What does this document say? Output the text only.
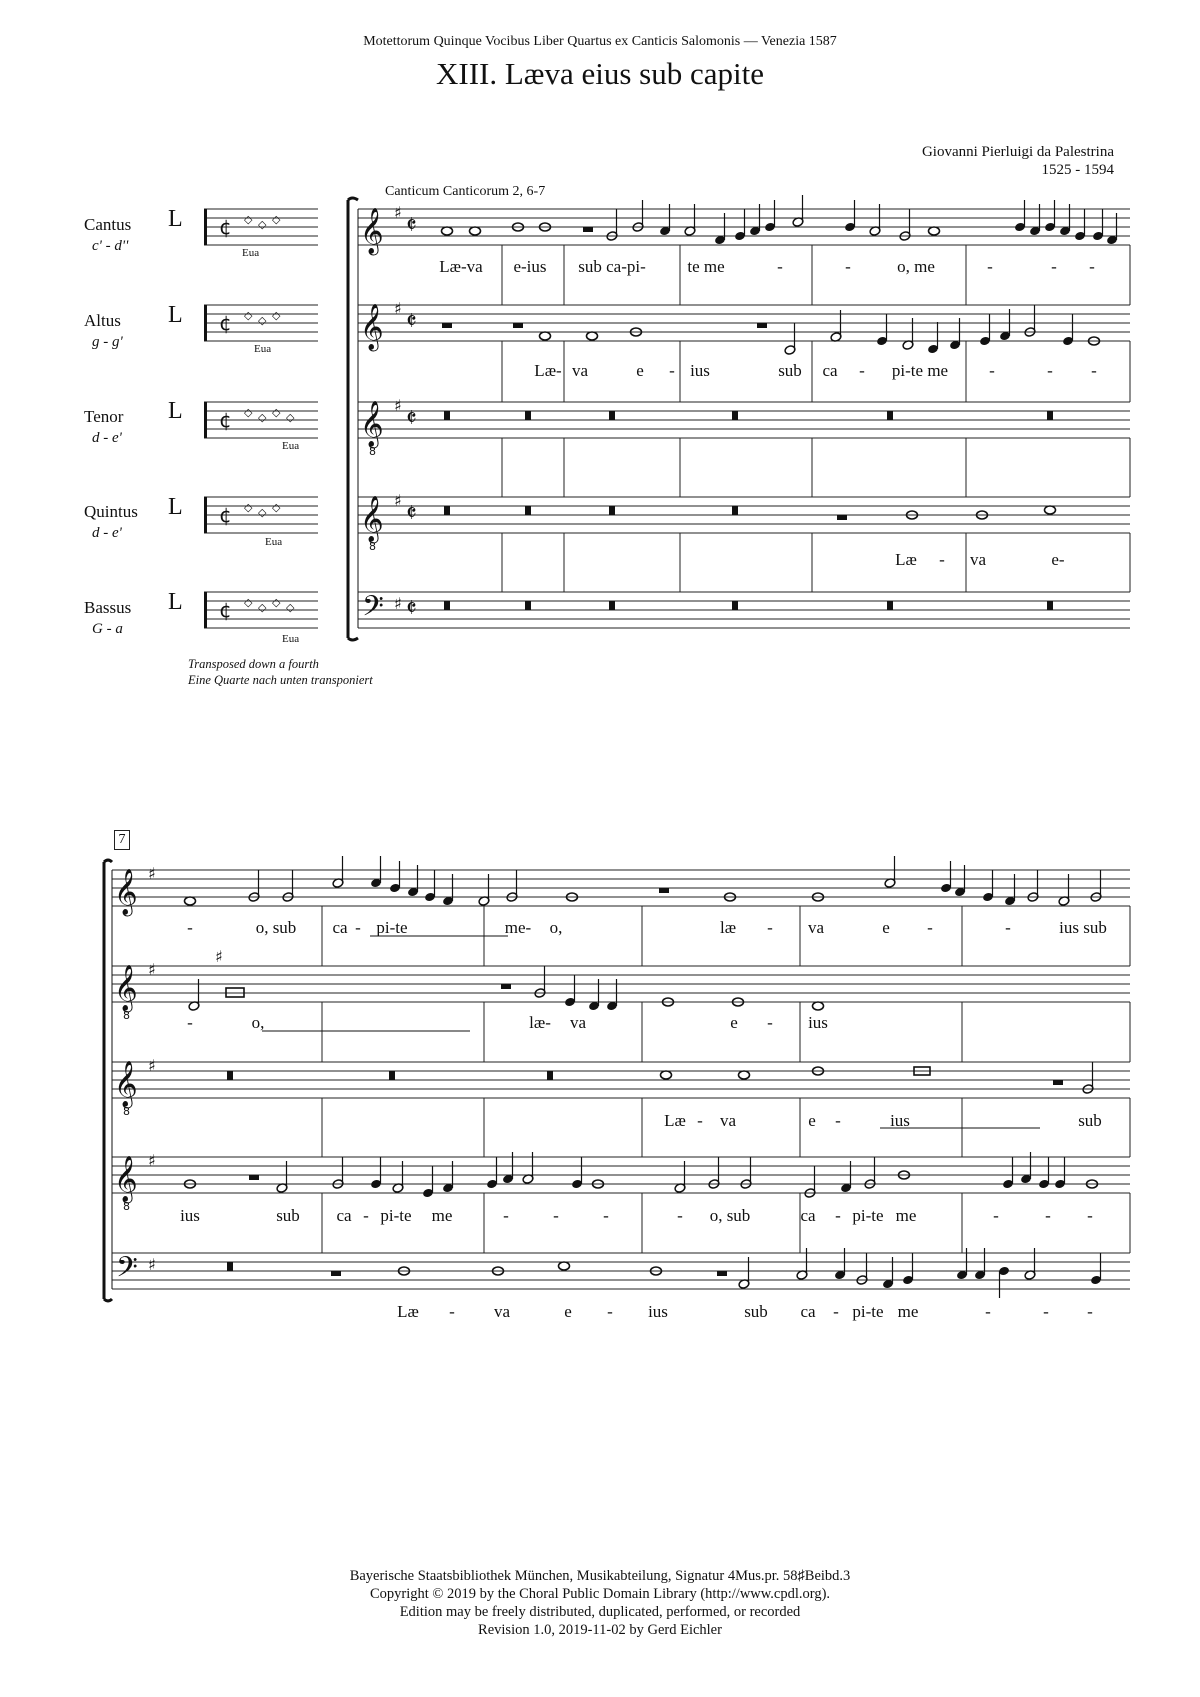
Motettorum Quinque Vocibus Liber Quartus ex Canticis Salomonis — Venezia 1587
XIII. Læva eius sub capite
Giovanni Pierluigi da Palestrina
1525 - 1594
Canticum Canticorum 2, 6-7
Cantus
c' - d''
Altus
g - g'
Tenor
d - e'
Quintus
d - e'
Bassus
G - a
L
L
L
L
L
Eua
Eua
Eua
Eua
Eua
Transposed down a fourth
Eine Quarte nach unten transponiert
7
Læ-va e-ius sub ca-pi- te me	-	-	o, me	-	- -
Læ- va	e - ius	sub ca - pi-te me -	- -
Læ - va	e-
-	o, sub ca - pi-te	me- o,	læ - va	e -	-	ius sub
-	o,	læ- va	e - ius
Læ - va	e -	ius	sub
ius	sub ca - pi-te me	-	-	-	- o, sub	ca - pi-te me	-	- -
Læ - va	e - ius	sub ca - pi-te me	-	- -
Bayerische Staatsbibliothek München, Musikabteilung, Signatur 4Mus.pr. 58♯Beibd.3
Copyright © 2019 by the Choral Public Domain Library (http://www.cpdl.org).
Edition may be freely distributed, duplicated, performed, or recorded
Revision 1.0, 2019-11-02 by Gerd Eichler
¢ ◇ ◇ ◇
¢ ◇ ◇ ◇
¢ ◇ ◇ ◇ ◇
¢ ◇ ◇ ◇
¢ ◇ ◇ ◇ ◇
𝄞 ♯ 𝄵
𝄞 ♯ 𝄵
𝄞
8
♯ 𝄵
𝄞
8
♯ 𝄵
𝄢 ♯ 𝄵
𝄞 ♯
𝄞
8
♯
𝄞
8
♯
𝄞
8
♯
𝄢 ♯
♯
